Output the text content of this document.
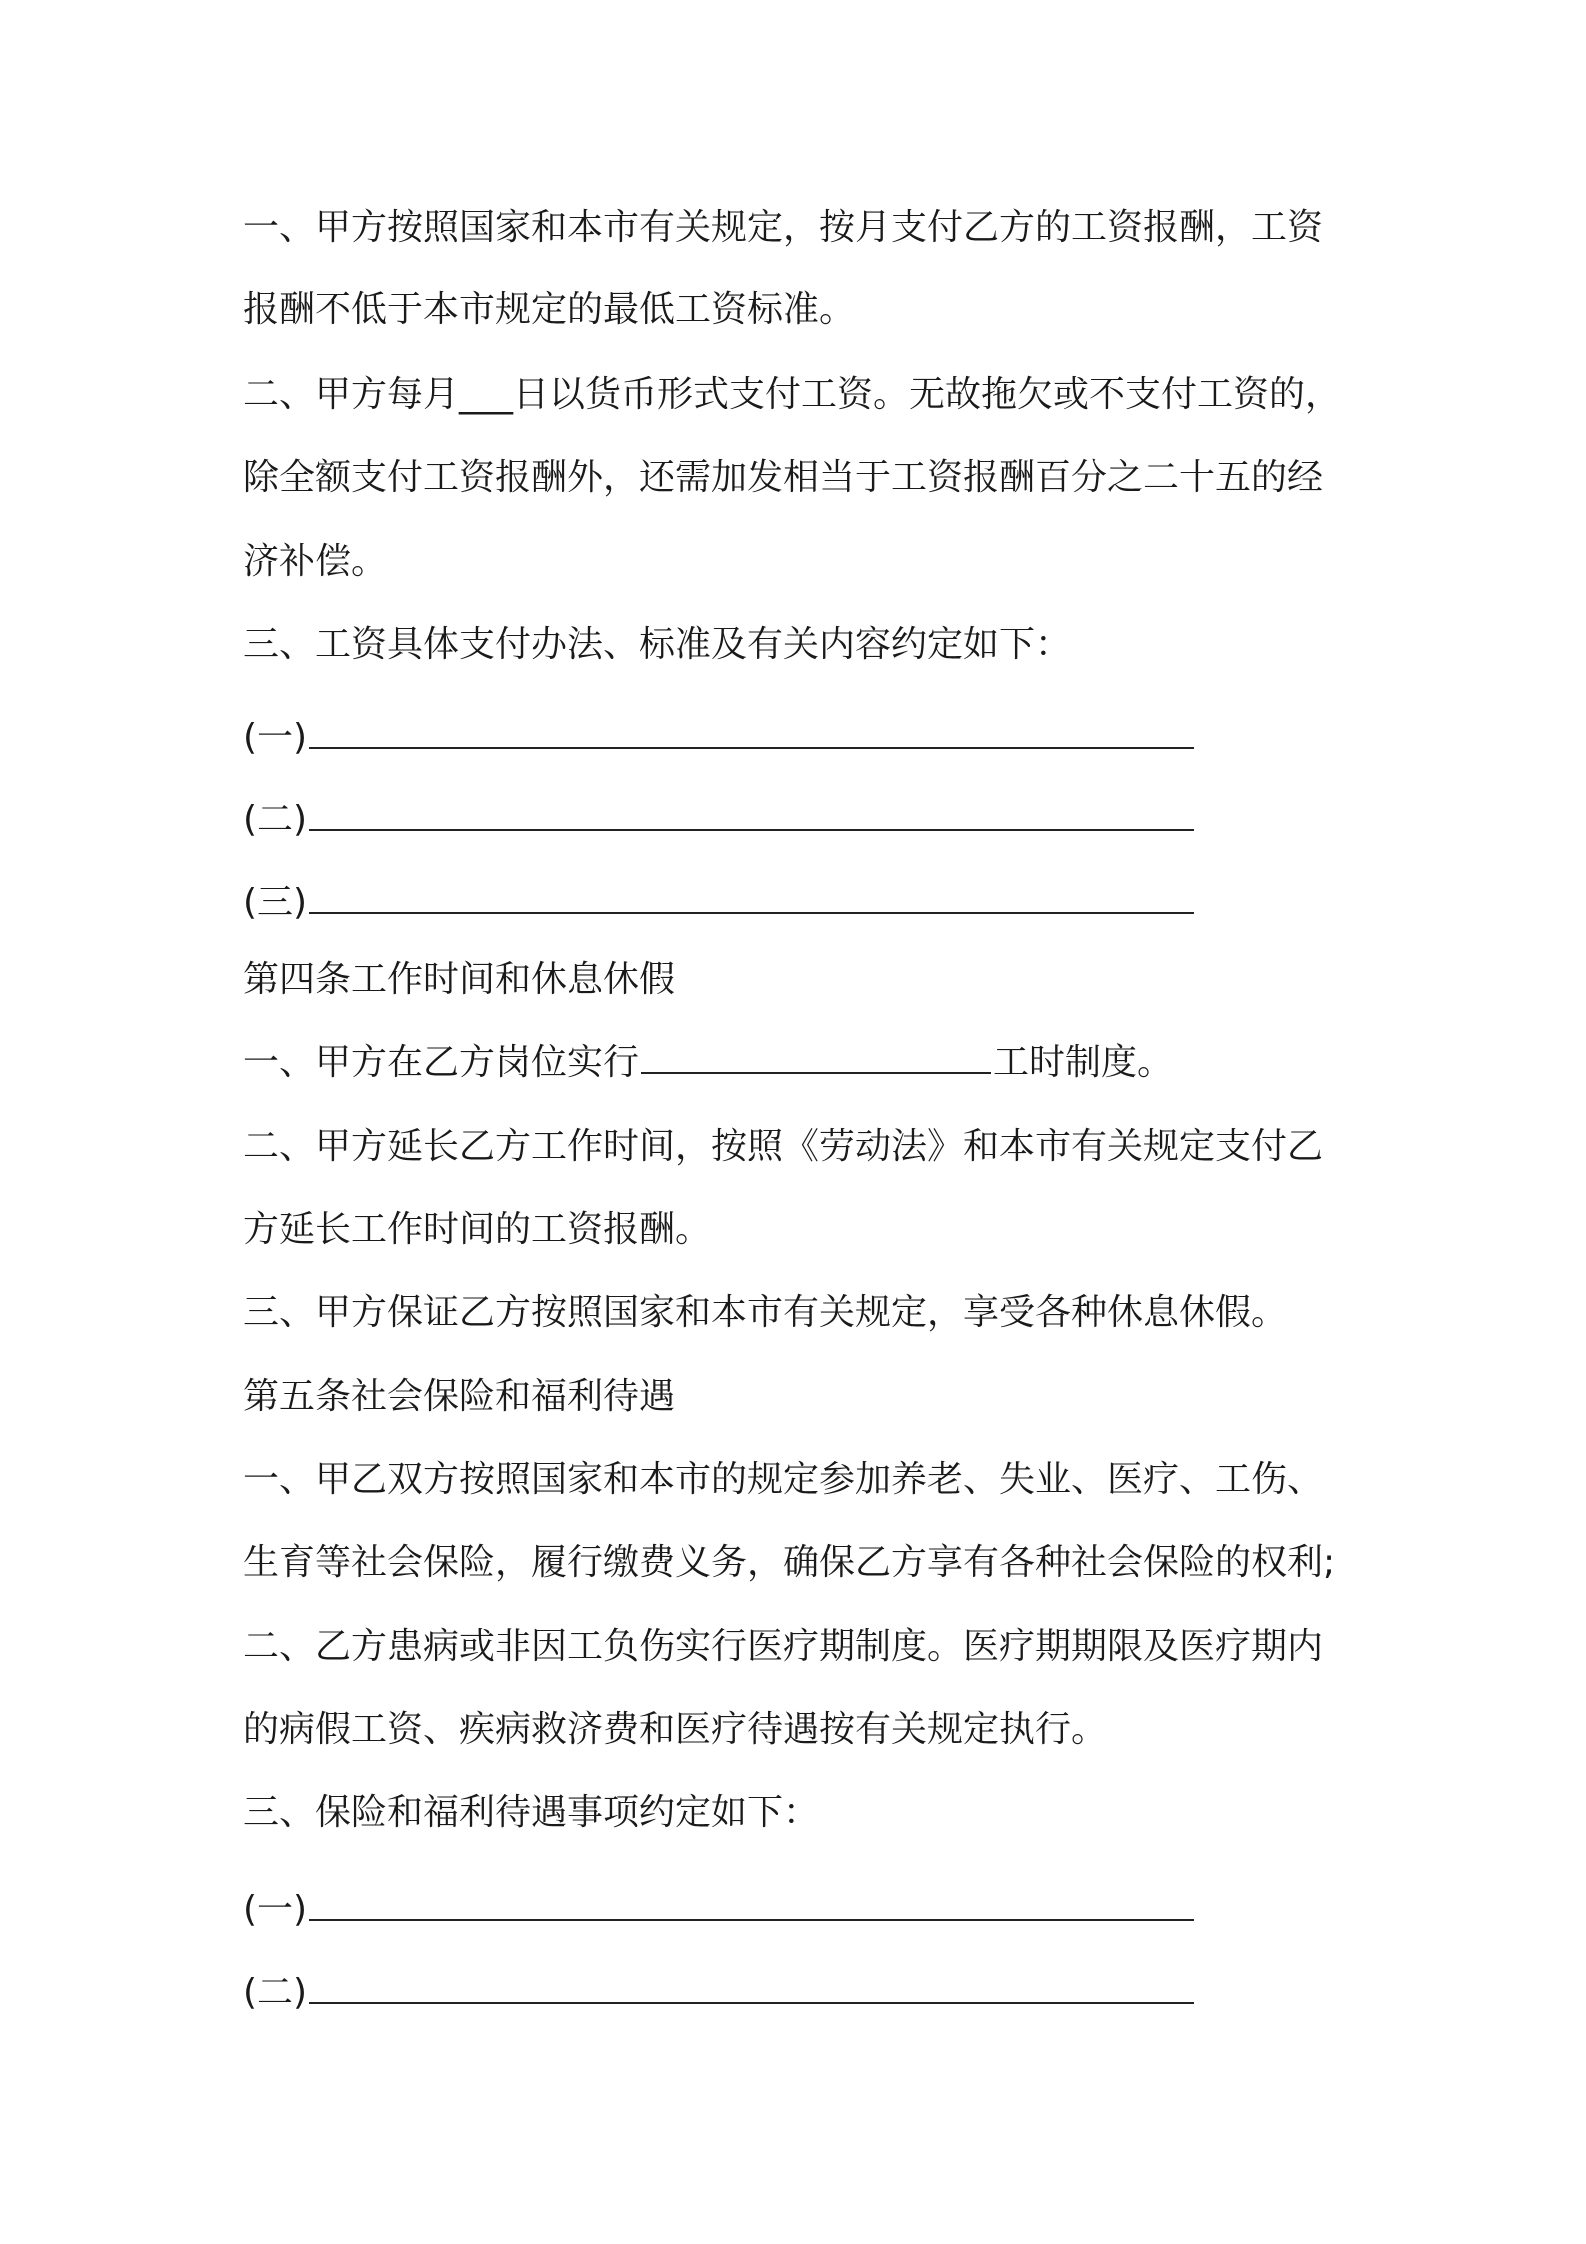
一、甲方按照国家和本市有关规定，按月支付乙方的工资报酬，工资
报酬不低于本市规定的最低工资标准。
二、甲方每月___日以货币形式支付工资。无故拖欠或不支付工资的，
除全额支付工资报酬外，还需加发相当于工资报酬百分之二十五的经
济补偿。
三、工资具体支付办法、标准及有关内容约定如下：
(一)
(二)
(三)
第四条工作时间和休息休假
一、甲方在乙方岗位实行	工时制度。
二、甲方延长乙方工作时间，按照《劳动法》和本市有关规定支付乙
方延长工作时间的工资报酬。
三、甲方保证乙方按照国家和本市有关规定，享受各种休息休假。
第五条社会保险和福利待遇
一、甲乙双方按照国家和本市的规定参加养老、失业、医疗、工伤、
生育等社会保险，履行缴费义务，确保乙方享有各种社会保险的权利;
二、乙方患病或非因工负伤实行医疗期制度。医疗期期限及医疗期内
的病假工资、疾病救济费和医疗待遇按有关规定执行。
三、保险和福利待遇事项约定如下：
(一)
(二)
